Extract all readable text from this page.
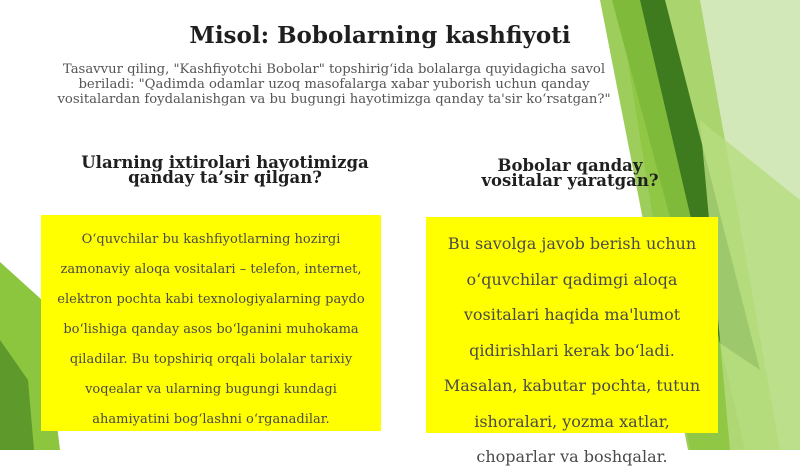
Misol: Bobolarning kashfiyoti
Tasavvur qiling, "Kashfiyotchi Bobolar" topshirig‘ida bolalarga quyidagicha savol beriladi: "Qadimda odamlar uzoq masofalarga xabar yuborish uchun qanday vositalardan foydalanishgan va bu bugungi hayotimizga qanday ta'sir ko‘rsatgan?"
Ularning ixtirolari hayotimizga qanday ta’sir qilgan?
Bobolar qanday vositalar yaratgan?
O‘quvchilar bu kashfiyotlarning hozirgi zamonaviy aloqa vositalari – telefon, internet, elektron pochta kabi texnologiyalarning paydo bo‘lishiga qanday asos bo‘lganini muhokama qiladilar. Bu topshiriq orqali bolalar tarixiy voqealar va ularning bugungi kundagi ahamiyatini bog‘lashni o‘rganadilar.
Bu savolga javob berish uchun o‘quvchilar qadimgi aloqa vositalari haqida ma'lumot qidirishlari kerak bo‘ladi. Masalan, kabutar pochta, tutun ishoralari, yozma xatlar, choparlar va boshqalar.
